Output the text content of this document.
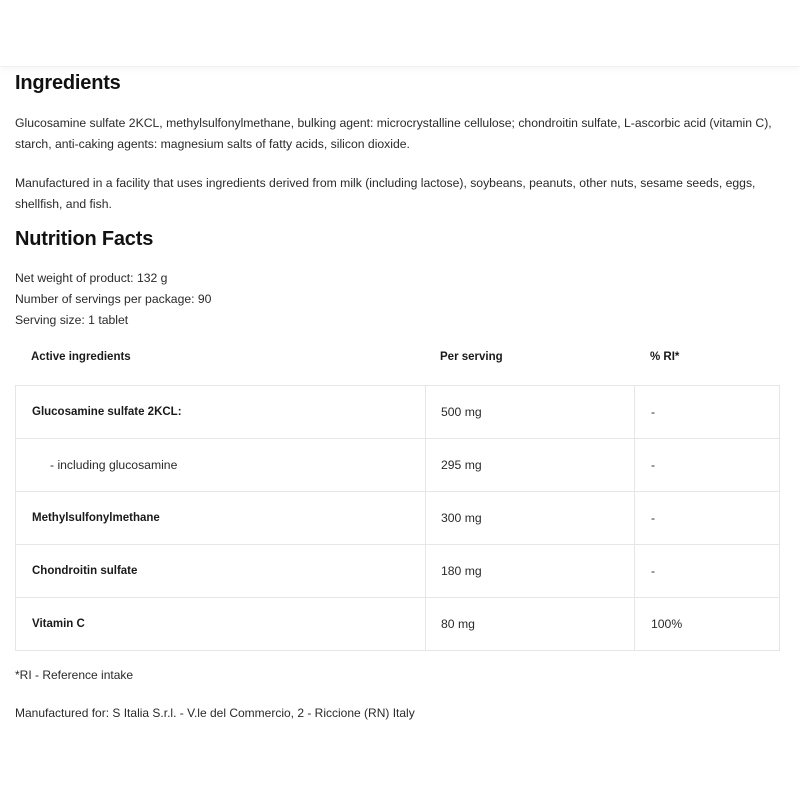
Ingredients
Glucosamine sulfate 2KCL, methylsulfonylmethane, bulking agent: microcrystalline cellulose; chondroitin sulfate, L-ascorbic acid (vitamin C), starch, anti-caking agents: magnesium salts of fatty acids, silicon dioxide.
Manufactured in a facility that uses ingredients derived from milk (including lactose), soybeans, peanuts, other nuts, sesame seeds, eggs, shellfish, and fish.
Nutrition Facts
Net weight of product: 132 g
Number of servings per package: 90
Serving size: 1 tablet
Active ingredients	Per serving	% RI*
Glucosamine sulfate 2KCL:	500 mg	-
- including glucosamine	295 mg	-
Methylsulfonylmethane	300 mg	-
Chondroitin sulfate	180 mg	-
Vitamin C	80 mg	100%
*RI - Reference intake
Manufactured for: S Italia S.r.l. - V.le del Commercio, 2 - Riccione (RN) Italy
